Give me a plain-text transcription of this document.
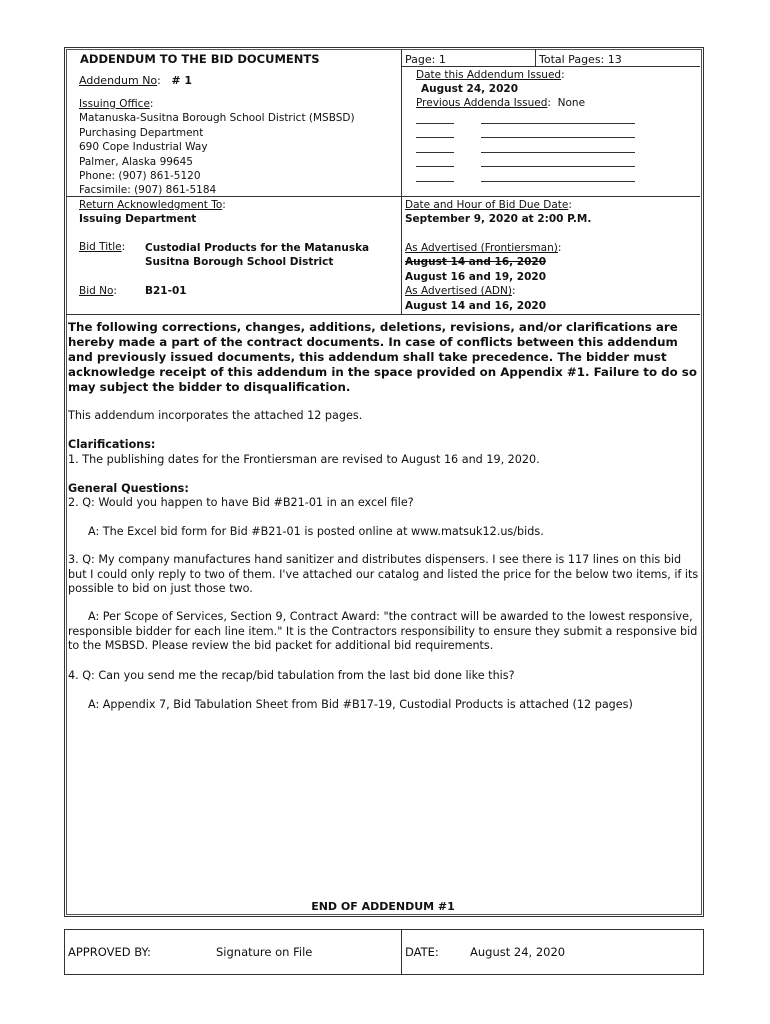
ADDENDUM TO THE BID DOCUMENTS
Addendum No:   # 1
Issuing Office:
Matanuska-Susitna Borough School District (MSBSD)
Purchasing Department
690 Cope Industrial Way
Palmer, Alaska 99645
Phone: (907) 861-5120
Facsimile: (907) 861-5184
Return Acknowledgment To:
Issuing Department
Bid Title: Custodial Products for the Matanuska
Susitna Borough School District
Bid No:	B21-01
Page: 1	Total Pages: 13
Date this Addendum Issued:
August 24, 2020
Previous Addenda Issued:  None
Date and Hour of Bid Due Date:
September 9, 2020 at 2:00 P.M.
As Advertised (Frontiersman):
August 14 and 16, 2020
August 16 and 19, 2020
As Advertised (ADN):
August 14 and 16, 2020
The following corrections, changes, additions, deletions, revisions, and/or clarifications are hereby made a part of the contract documents. In case of conflicts between this addendum and previously issued documents, this addendum shall take precedence. The bidder must acknowledge receipt of this addendum in the space provided on Appendix #1. Failure to do so may subject the bidder to disqualification.
This addendum incorporates the attached 12 pages.
Clarifications:
1. The publishing dates for the Frontiersman are revised to August 16 and 19, 2020.
General Questions:
2. Q: Would you happen to have Bid #B21-01 in an excel file?
A: The Excel bid form for Bid #B21-01 is posted online at www.matsuk12.us/bids.
3. Q: My company manufactures hand sanitizer and distributes dispensers. I see there is 117 lines on this bid but I could only reply to two of them. I've attached our catalog and listed the price for the below two items, if its possible to bid on just those two.
A: Per Scope of Services, Section 9, Contract Award: "the contract will be awarded to the lowest responsive, responsible bidder for each line item." It is the Contractors responsibility to ensure they submit a responsive bid to the MSBSD. Please review the bid packet for additional bid requirements.
4. Q: Can you send me the recap/bid tabulation from the last bid done like this?
A: Appendix 7, Bid Tabulation Sheet from Bid #B17-19, Custodial Products is attached (12 pages)
END OF ADDENDUM #1
APPROVED BY:	Signature on File	DATE:	August 24, 2020
